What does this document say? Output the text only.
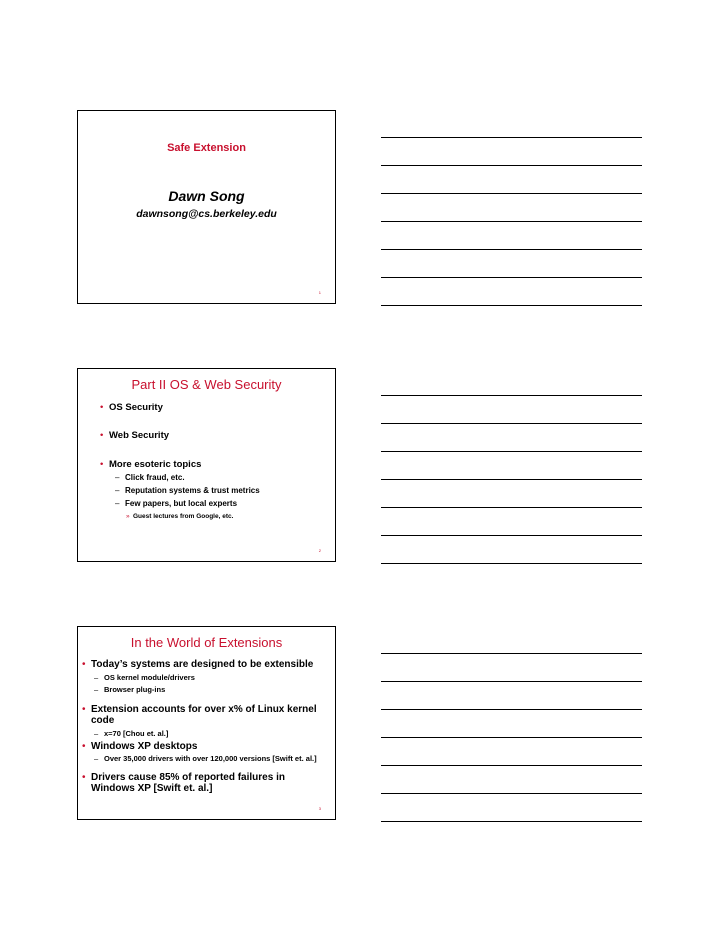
Safe Extension
Dawn Song
dawnsong@cs.berkeley.edu
1
Part II OS & Web Security
• OS Security
• Web Security
• More esoteric topics
– Click fraud, etc.
– Reputation systems & trust metrics
– Few papers, but local experts
» Guest lectures from Google, etc.
2
In the World of Extensions
• Today’s systems are designed to be extensible
– OS kernel module/drivers
– Browser plug-ins
• Extension accounts for over x% of Linux kernel code
– x=70 [Chou et. al.]
• Windows XP desktops
– Over 35,000 drivers with over 120,000 versions [Swift et. al.]
• Drivers cause 85% of reported failures in Windows XP [Swift et. al.]
3
